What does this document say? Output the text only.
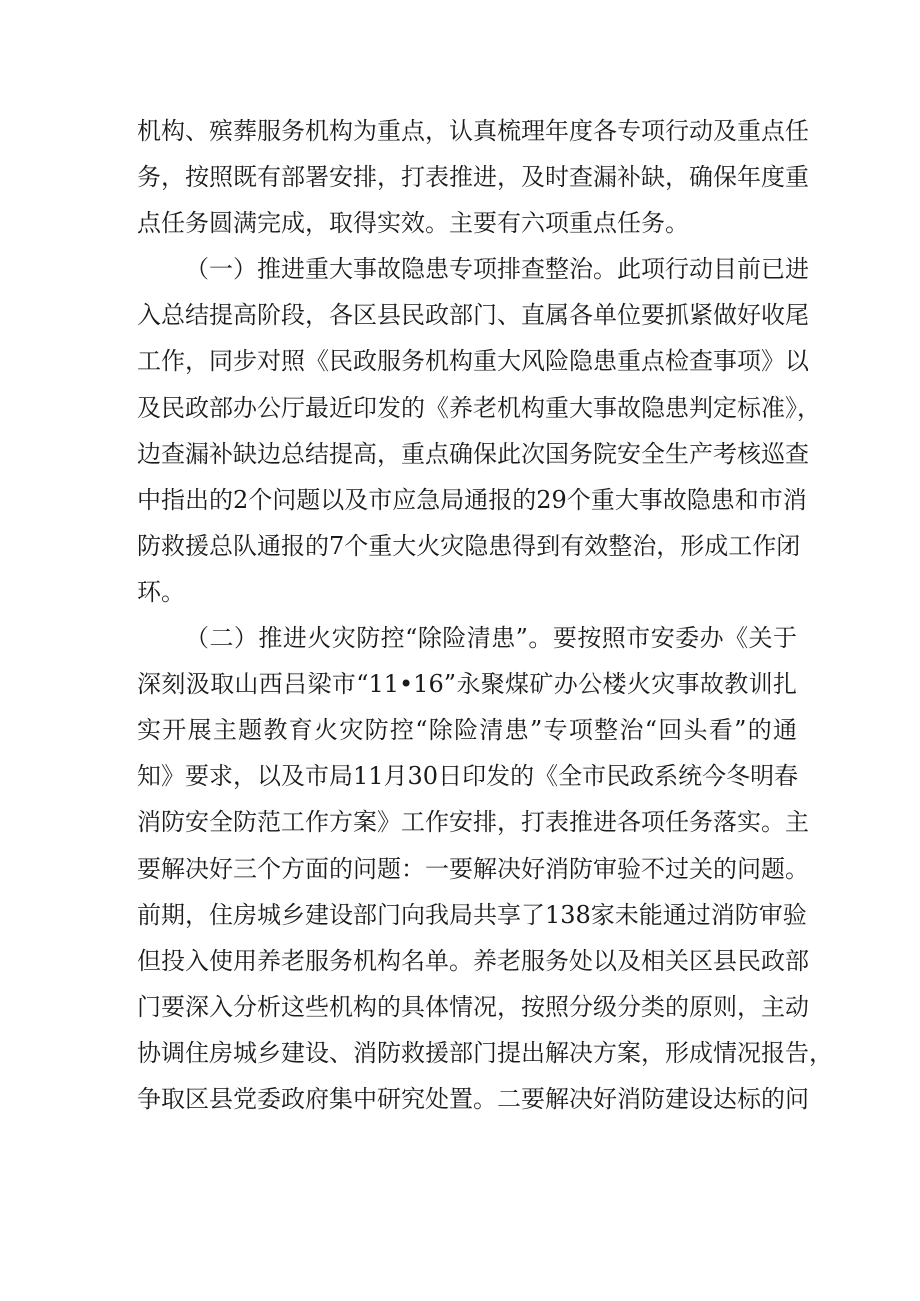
机构、殡葬服务机构为重点，认真梳理年度各专项行动及重点任
务，按照既有部署安排，打表推进，及时查漏补缺，确保年度重
点任务圆满完成，取得实效。主要有六项重点任务。
（一）推进重大事故隐患专项排查整治。此项行动目前已进
入总结提高阶段，各区县民政部门、直属各单位要抓紧做好收尾
工作，同步对照《民政服务机构重大风险隐患重点检查事项》以
及民政部办公厅最近印发的《养老机构重大事故隐患判定标准》，
边查漏补缺边总结提高，重点确保此次国务院安全生产考核巡查
中指出的2个问题以及市应急局通报的29个重大事故隐患和市消
防救援总队通报的7个重大火灾隐患得到有效整治，形成工作闭
环。
（二）推进火灾防控“除险清患”。要按照市安委办《关于
深刻汲取山西吕梁市“11•16”永聚煤矿办公楼火灾事故教训扎
实开展主题教育火灾防控“除险清患”专项整治“回头看”的通
知》要求，以及市局11月30日印发的《全市民政系统今冬明春
消防安全防范工作方案》工作安排，打表推进各项任务落实。主
要解决好三个方面的问题：一要解决好消防审验不过关的问题。
前期，住房城乡建设部门向我局共享了138家未能通过消防审验
但投入使用养老服务机构名单。养老服务处以及相关区县民政部
门要深入分析这些机构的具体情况，按照分级分类的原则，主动
协调住房城乡建设、消防救援部门提出解决方案，形成情况报告，
争取区县党委政府集中研究处置。二要解决好消防建设达标的问
